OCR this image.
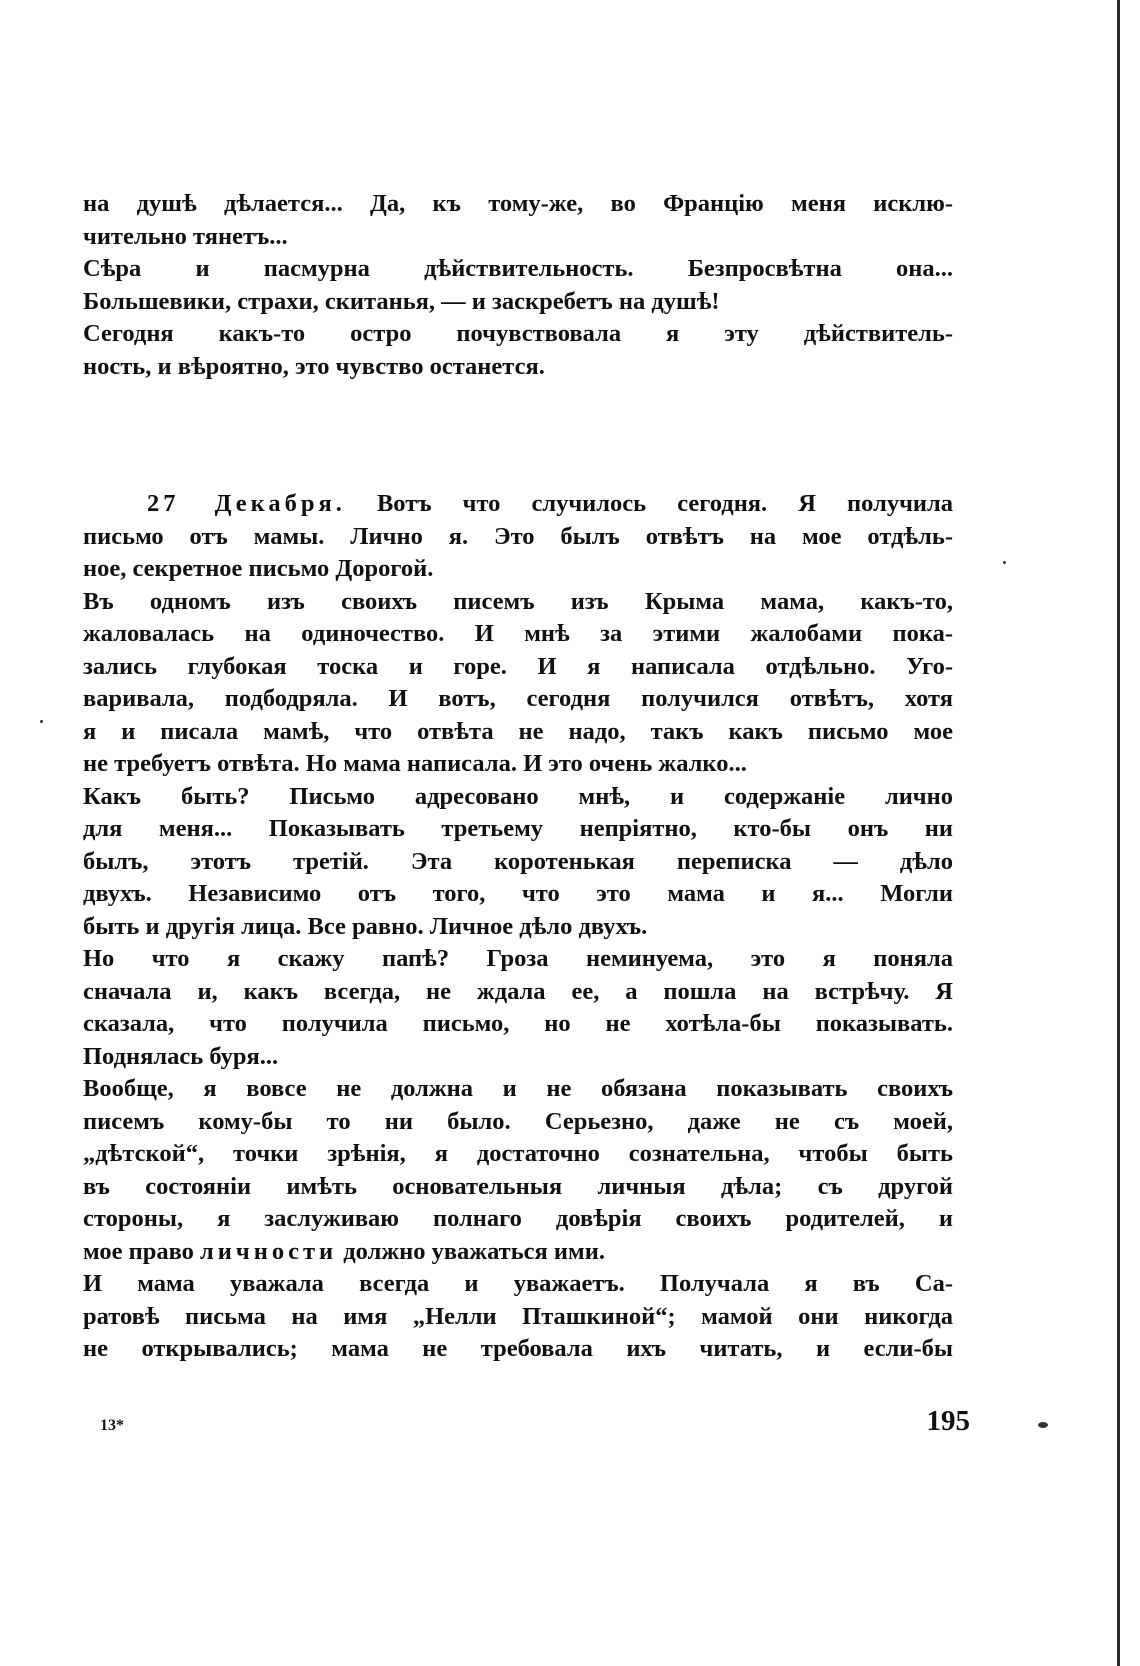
на душѣ дѣлается... Да, къ тому-же, во Францію меня исклю-
чительно тянетъ...
Сѣра и пасмурна дѣйствительность. Безпросвѣтна она...
Большевики, страхи, скитанья, — и заскребетъ на душѣ!
Сегодня какъ-то остро почувствовала я эту дѣйствитель-
ность, и вѣроятно, это чувство останется.
27 Декабря. Вотъ что случилось сегодня. Я получила
письмо отъ мамы. Лично я. Это былъ отвѣтъ на мое отдѣль-
ное, секретное письмо Дорогой.
Въ одномъ изъ своихъ писемъ изъ Крыма мама, какъ-то,
жаловалась на одиночество. И мнѣ за этими жалобами пока-
зались глубокая тоска и горе. И я написала отдѣльно. Уго-
варивала, подбодряла. И вотъ, сегодня получился отвѣтъ, хотя
я и писала мамѣ, что отвѣта не надо, такъ какъ письмо мое
не требуетъ отвѣта. Но мама написала. И это очень жалко...
Какъ быть? Письмо адресовано мнѣ, и содержаніе лично
для меня... Показывать третьему непріятно, кто-бы онъ ни
былъ, этотъ третій. Эта коротенькая переписка — дѣло
двухъ. Независимо отъ того, что это мама и я... Могли
быть и другія лица. Все равно. Личное дѣло двухъ.
Но что я скажу папѣ? Гроза неминуема, это я поняла
сначала и, какъ всегда, не ждала ее, а пошла на встрѣчу. Я
сказала, что получила письмо, но не хотѣла-бы показывать.
Поднялась буря...
Вообще, я вовсе не должна и не обязана показывать своихъ
писемъ кому-бы то ни было. Серьезно, даже не съ моей,
„дѣтской“, точки зрѣнія, я достаточно сознательна, чтобы быть
въ состояніи имѣть основательныя личныя дѣла; съ другой
стороны, я заслуживаю полнаго довѣрія своихъ родителей, и
мое право личности должно уважаться ими.
И мама уважала всегда и уважаетъ. Получала я въ Са-
ратовѣ письма на имя „Нелли Пташкиной“; мамой они никогда
не открывались; мама не требовала ихъ читать, и если-бы
13*	195
